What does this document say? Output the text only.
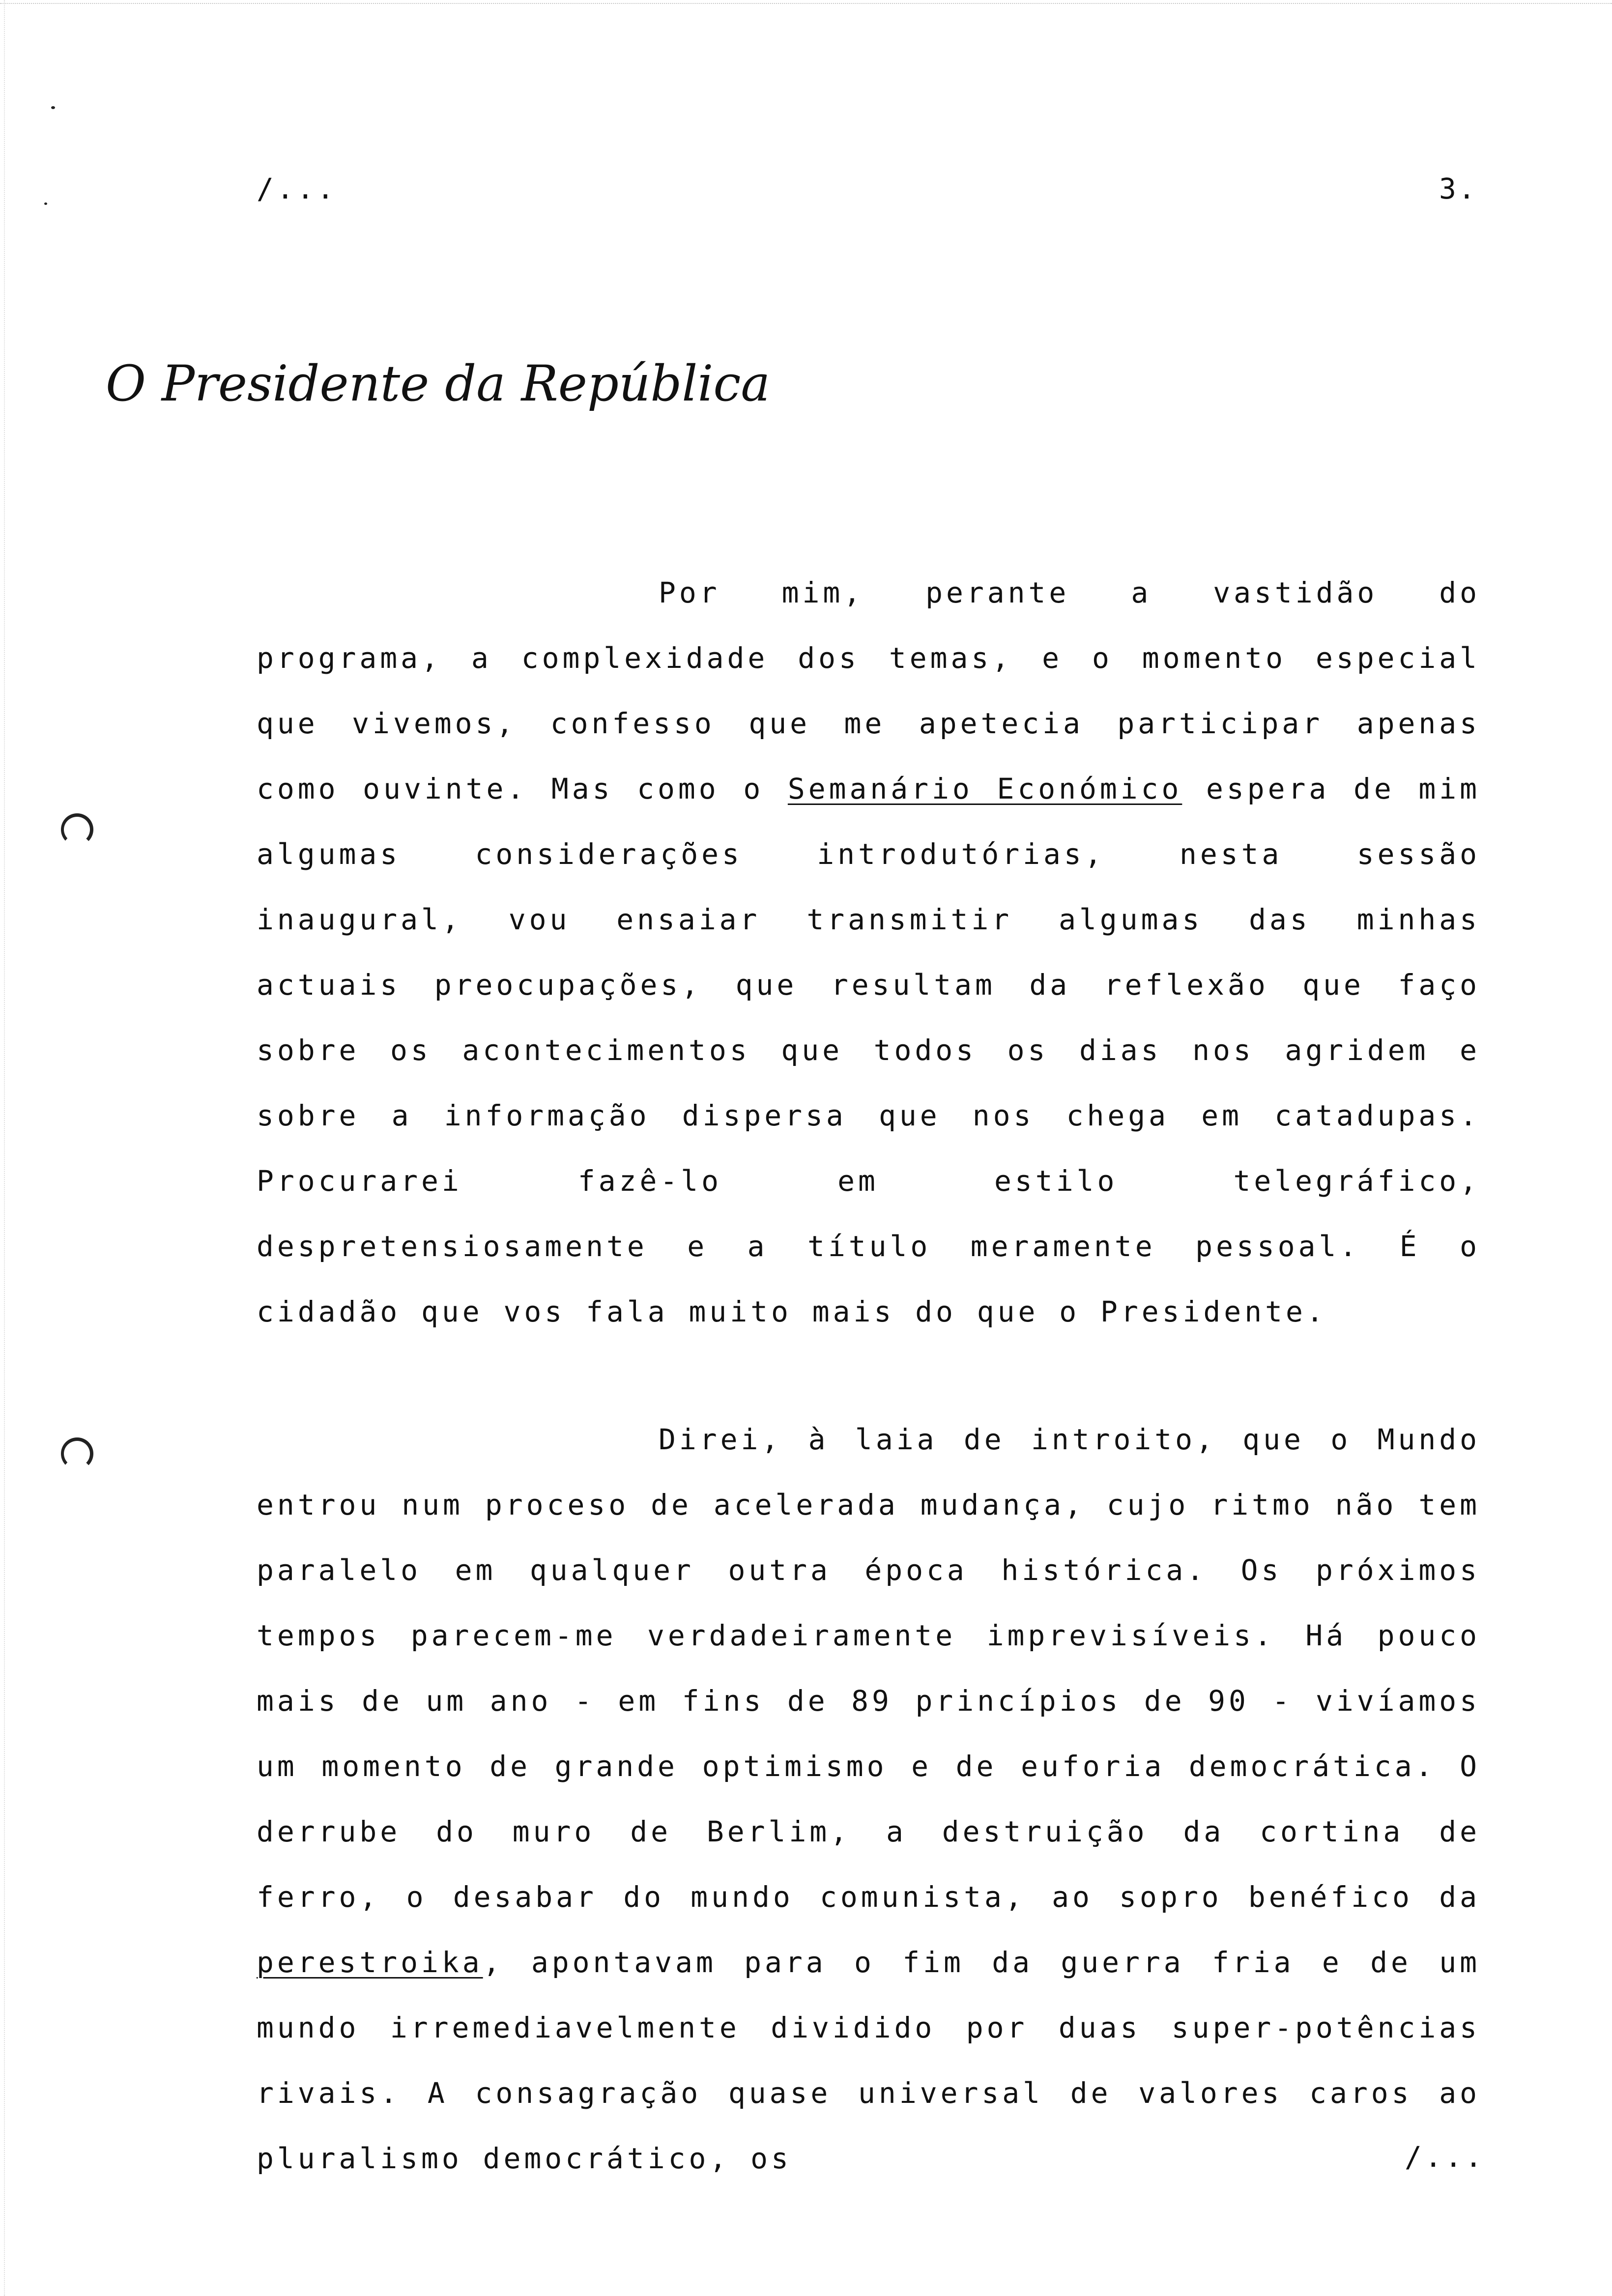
/...	3.
O Presidente da República

Por mim, perante a vastidão do programa, a complexidade dos temas, e o momento especial que vivemos, confesso que me apetecia participar apenas como ouvinte. Mas como o Semanário Económico espera de mim algumas considerações introdutórias, nesta sessão inaugural, vou ensaiar transmitir algumas das minhas actuais preocupações, que resultam da reflexão que faço sobre os acontecimentos que todos os dias nos agridem e sobre a informação dispersa que nos chega em catadupas. Procurarei fazê-lo em estilo telegráfico, despretensiosamente e a título meramente pessoal. É o cidadão que vos fala muito mais do que o Presidente.

Direi, à laia de introito, que o Mundo entrou num proceso de acelerada mudança, cujo ritmo não tem paralelo em qualquer outra época histórica. Os próximos tempos parecem-me verdadeiramente imprevisíveis. Há pouco mais de um ano - em fins de 89 princípios de 90 - vivíamos um momento de grande optimismo e de euforia democrática. O derrube do muro de Berlim, a destruição da cortina de ferro, o desabar do mundo comunista, ao sopro benéfico da perestroika, apontavam para o fim da guerra fria e de um mundo irremediavelmente dividido por duas super-potências rivais. A consagração quase universal de valores caros ao pluralismo democrático, os	/...
